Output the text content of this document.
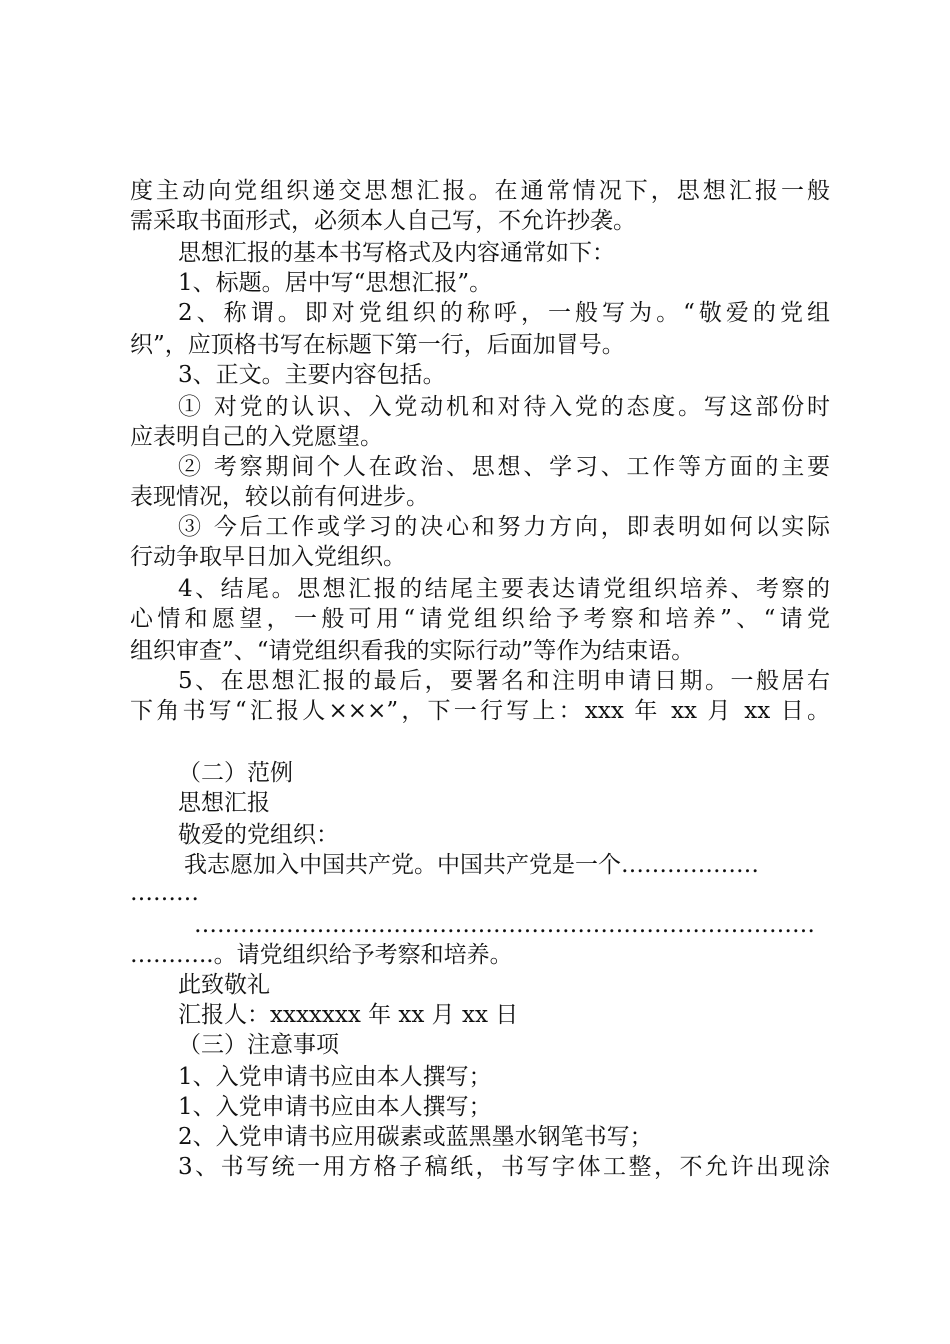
度主动向党组织递交思想汇报。在通常情况下，思想汇报一般
需采取书面形式，必须本人自己写，不允许抄袭。
思想汇报的基本书写格式及内容通常如下：
1、标题。居中写“思想汇报”。
2、称谓。即对党组织的称呼，一般写为。“敬爱的党组
织”，应顶格书写在标题下第一行，后面加冒号。
3、正文。主要内容包括。
① 对党的认识、入党动机和对待入党的态度。写这部份时
应表明自己的入党愿望。
② 考察期间个人在政治、思想、学习、工作等方面的主要
表现情况，较以前有何进步。
③ 今后工作或学习的决心和努力方向，即表明如何以实际
行动争取早日加入党组织。
4、结尾。思想汇报的结尾主要表达请党组织培养、考察的
心情和愿望，一般可用“请党组织给予考察和培养”、“请党
组织审查”、“请党组织看我的实际行动”等作为结束语。
5、在思想汇报的最后，要署名和注明申请日期。一般居右
下角书写“汇报人×××”，下一行写上：xxx 年 xx 月 xx 日。
（二）范例
思想汇报
敬爱的党组织：
我志愿加入中国共产党。中国共产党是一个………………
………
………………………………………………………………………
………..。请党组织给予考察和培养。
此致敬礼
汇报人：xxxxxxx 年 xx 月 xx 日
（三）注意事项
1、入党申请书应由本人撰写；
1、入党申请书应由本人撰写；
2、入党申请书应用碳素或蓝黑墨水钢笔书写；
3、书写统一用方格子稿纸，书写字体工整，不允许出现涂
